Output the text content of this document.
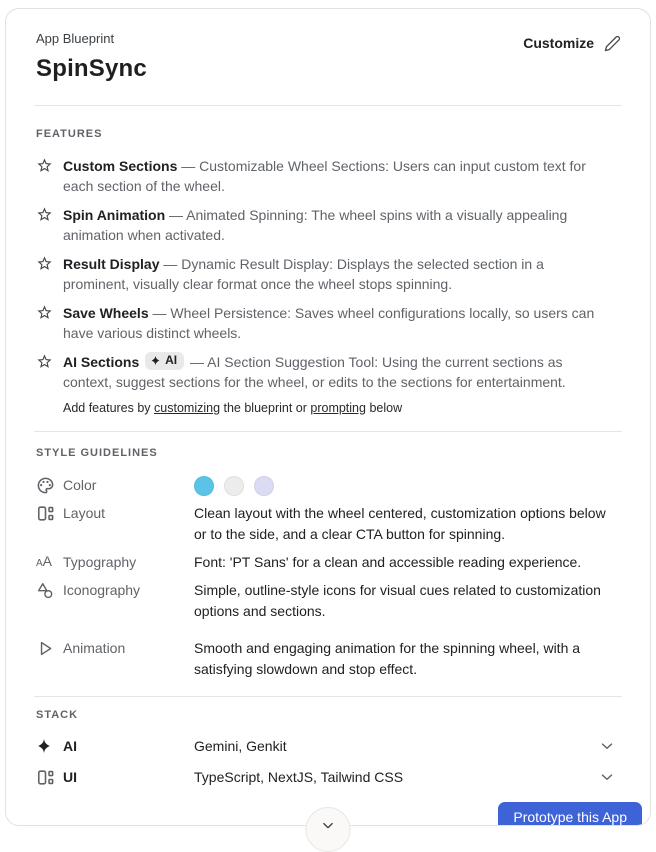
App Blueprint
SpinSync
Customize
FEATURES

Custom Sections — Customizable Wheel Sections: Users can input custom text for each section of the wheel.

Spin Animation — Animated Spinning: The wheel spins with a visually appealing animation when activated.

Result Display — Dynamic Result Display: Displays the selected section in a prominent, visually clear format once the wheel stops spinning.

Save Wheels — Wheel Persistence: Saves wheel configurations locally, so users can have various distinct wheels.

AI Sections AI — AI Section Suggestion Tool: Using the current sections as context, suggest sections for the wheel, or edits to the sections for entertainment.

Add features by customizing the blueprint or prompting below

STYLE GUIDELINES
Color
Layout	Clean layout with the wheel centered, customization options below or to the side, and a clear CTA button for spinning.

AA Typography	Font: 'PT Sans' for a clean and accessible reading experience.

Iconography	Simple, outline-style icons for visual cues related to customization options and sections.

Animation	Smooth and engaging animation for the spinning wheel, with a satisfying slowdown and stop effect.

STACK
AI	Gemini, Genkit
UI	TypeScript, NextJS, Tailwind CSS
Prototype this App
